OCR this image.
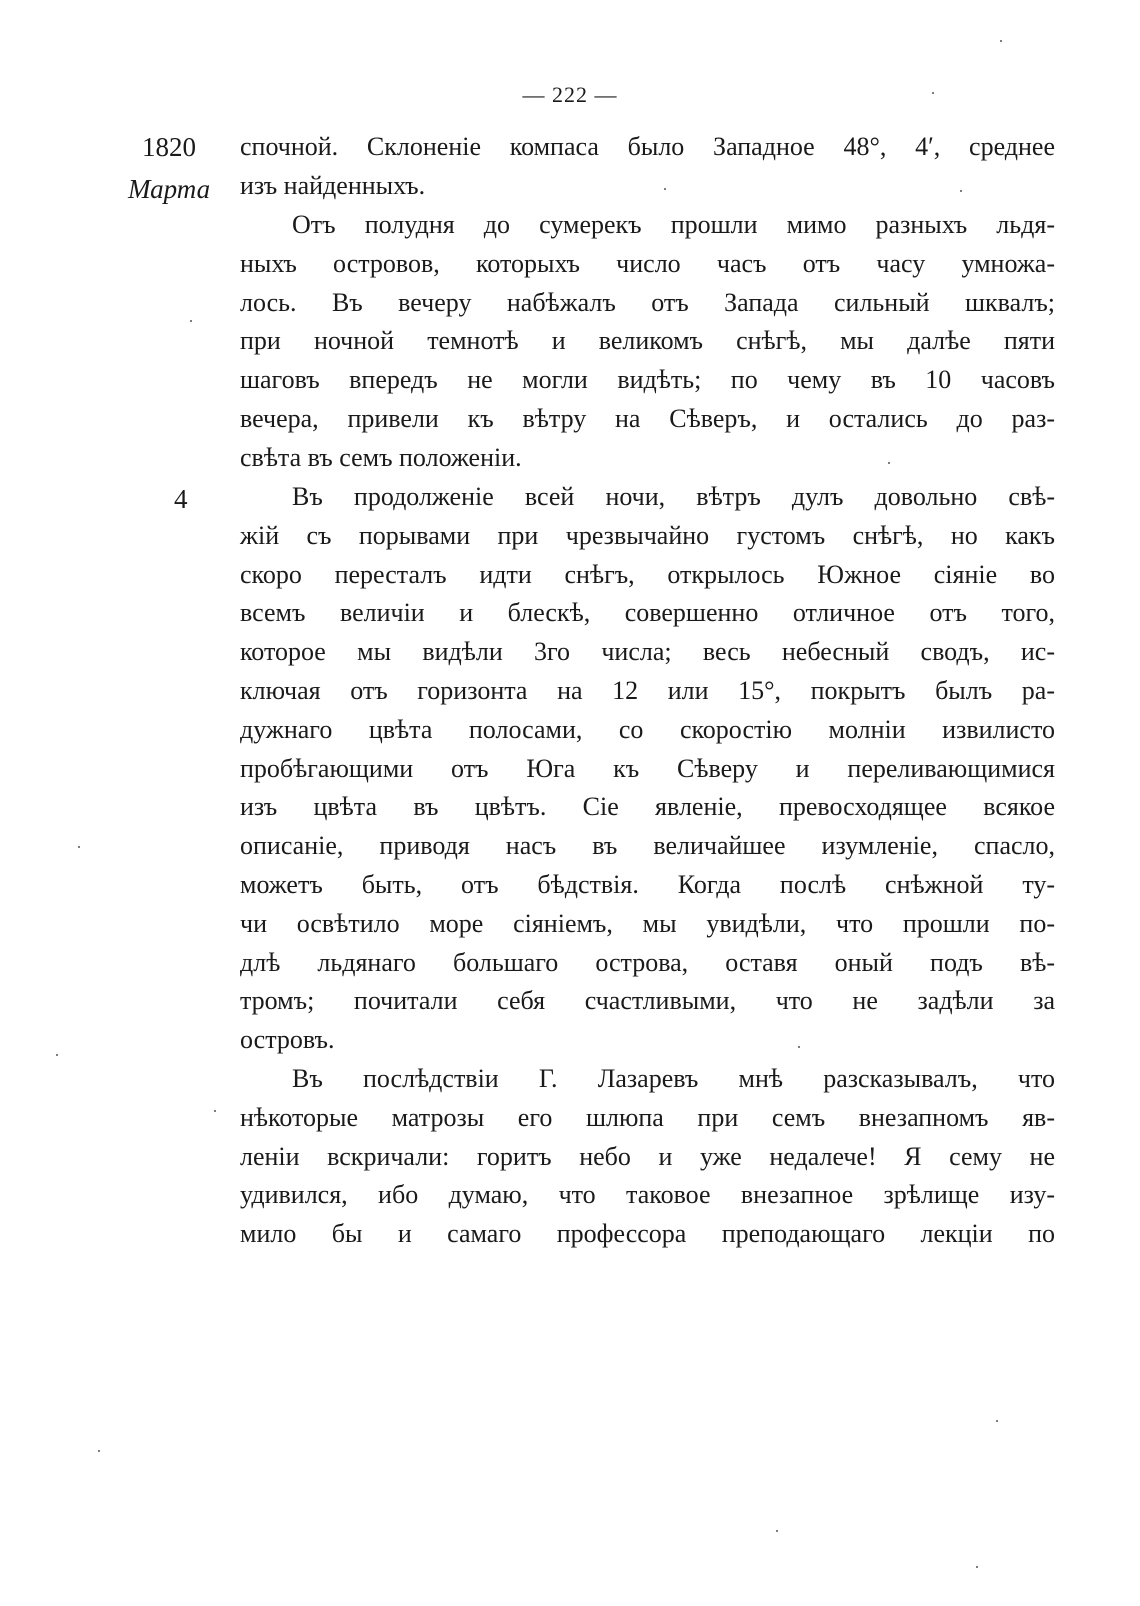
— 222 —
1820
Марта
4
спочной. Склоненіе компаса было Западное 48°, 4′, среднее
изъ найденныхъ.
Отъ полудня до сумерекъ прошли мимо разныхъ льдя-
ныхъ островов, которыхъ число часъ отъ часу умножа-
лось. Въ вечеру набѣжалъ отъ Запада сильный шквалъ;
при ночной темнотѣ и великомъ снѣгѣ, мы далѣе пяти
шаговъ впередъ не могли видѣть; по чему въ 10 часовъ
вечера, привели къ вѣтру на Сѣверъ, и остались до раз-
свѣта въ семъ положеніи.
Въ продолженіе всей ночи, вѣтръ дулъ довольно свѣ-
жій съ порывами при чрезвычайно густомъ снѣгѣ, но какъ
скоро пересталъ идти снѣгъ, открылось Южное сіяніе во
всемъ величіи и блескѣ, совершенно отличное отъ того,
которое мы видѣли 3го числа; весь небесный сводъ, ис-
ключая отъ горизонта на 12 или 15°, покрытъ былъ ра-
дужнаго цвѣта полосами, со скоростію молніи извилисто
пробѣгающими отъ Юга къ Сѣверу и переливающимися
изъ цвѣта въ цвѣтъ. Сіе явленіе, превосходящее всякое
описаніе, приводя насъ въ величайшее изумленіе, спасло,
можетъ быть, отъ бѣдствія. Когда послѣ снѣжной ту-
чи освѣтило море сіяніемъ, мы увидѣли, что прошли по-
длѣ льдянаго большаго острова, оставя оный подъ вѣ-
тромъ; почитали себя счастливыми, что не задѣли за
островъ.
Въ послѣдствіи Г. Лазаревъ мнѣ разсказывалъ, что
нѣкоторые матрозы его шлюпа при семъ внезапномъ яв-
леніи вскричали: горитъ небо и уже недалече! Я сему не
удивился, ибо думаю, что таковое внезапное зрѣлище изу-
мило бы и самаго профессора преподающаго лекціи по
